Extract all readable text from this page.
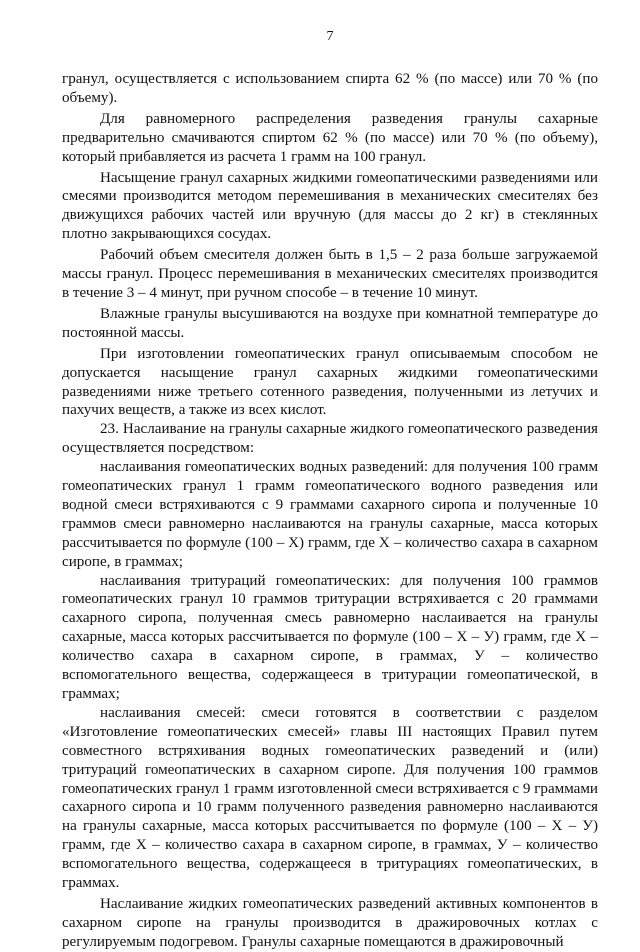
7

гранул, осуществляется с использованием спирта 62 % (по массе) или 70 % (по объему).

Для равномерного распределения разведения гранулы сахарные предварительно смачиваются спиртом 62 % (по массе) или 70 % (по объему), который прибавляется из расчета 1 грамм на 100 гранул.

Насыщение гранул сахарных жидкими гомеопатическими разведениями или смесями производится методом перемешивания в механических смесителях без движущихся рабочих частей или вручную (для массы до 2 кг) в стеклянных плотно закрывающихся сосудах.

Рабочий объем смесителя должен быть в 1,5 – 2 раза больше загружаемой массы гранул. Процесс перемешивания в механических смесителях производится в течение 3 – 4 минут, при ручном способе – в течение 10 минут.

Влажные гранулы высушиваются на воздухе при комнатной температуре до постоянной массы.

При изготовлении гомеопатических гранул описываемым способом не допускается насыщение гранул сахарных жидкими гомеопатическими разведениями ниже третьего сотенного разведения, полученными из летучих и пахучих веществ, а также из всех кислот.

23. Наслаивание на гранулы сахарные жидкого гомеопатического разведения осуществляется посредством:

наслаивания гомеопатических водных разведений: для получения 100 грамм гомеопатических гранул 1 грамм гомеопатического водного разведения или водной смеси встряхиваются с 9 граммами сахарного сиропа и полученные 10 граммов смеси равномерно наслаиваются на гранулы сахарные, масса которых рассчитывается по формуле (100 – Х) грамм, где Х – количество сахара в сахарном сиропе, в граммах;

наслаивания тритураций гомеопатических: для получения 100 граммов гомеопатических гранул 10 граммов тритурации встряхивается с 20 граммами сахарного сиропа, полученная смесь равномерно наслаивается на гранулы сахарные, масса которых рассчитывается по формуле (100 – Х – У) грамм, где Х – количество сахара в сахарном сиропе, в граммах, У – количество вспомогательного вещества, содержащееся в тритурации гомеопатической, в граммах;

наслаивания смесей: смеси готовятся в соответствии с разделом «Изготовление гомеопатических смесей» главы III настоящих Правил путем совместного встряхивания водных гомеопатических разведений и (или) тритураций гомеопатических в сахарном сиропе. Для получения 100 граммов гомеопатических гранул 1 грамм изготовленной смеси встряхивается с 9 граммами сахарного сиропа и 10 грамм полученного разведения равномерно наслаиваются на гранулы сахарные, масса которых рассчитывается по формуле (100 – Х – У) грамм, где Х – количество сахара в сахарном сиропе, в граммах, У – количество вспомогательного вещества, содержащееся в тритурациях гомеопатических, в граммах.

Наслаивание жидких гомеопатических разведений активных компонентов в сахарном сиропе на гранулы производится в дражировочных котлах с регулируемым подогревом. Гранулы сахарные помещаются в дражировочный
